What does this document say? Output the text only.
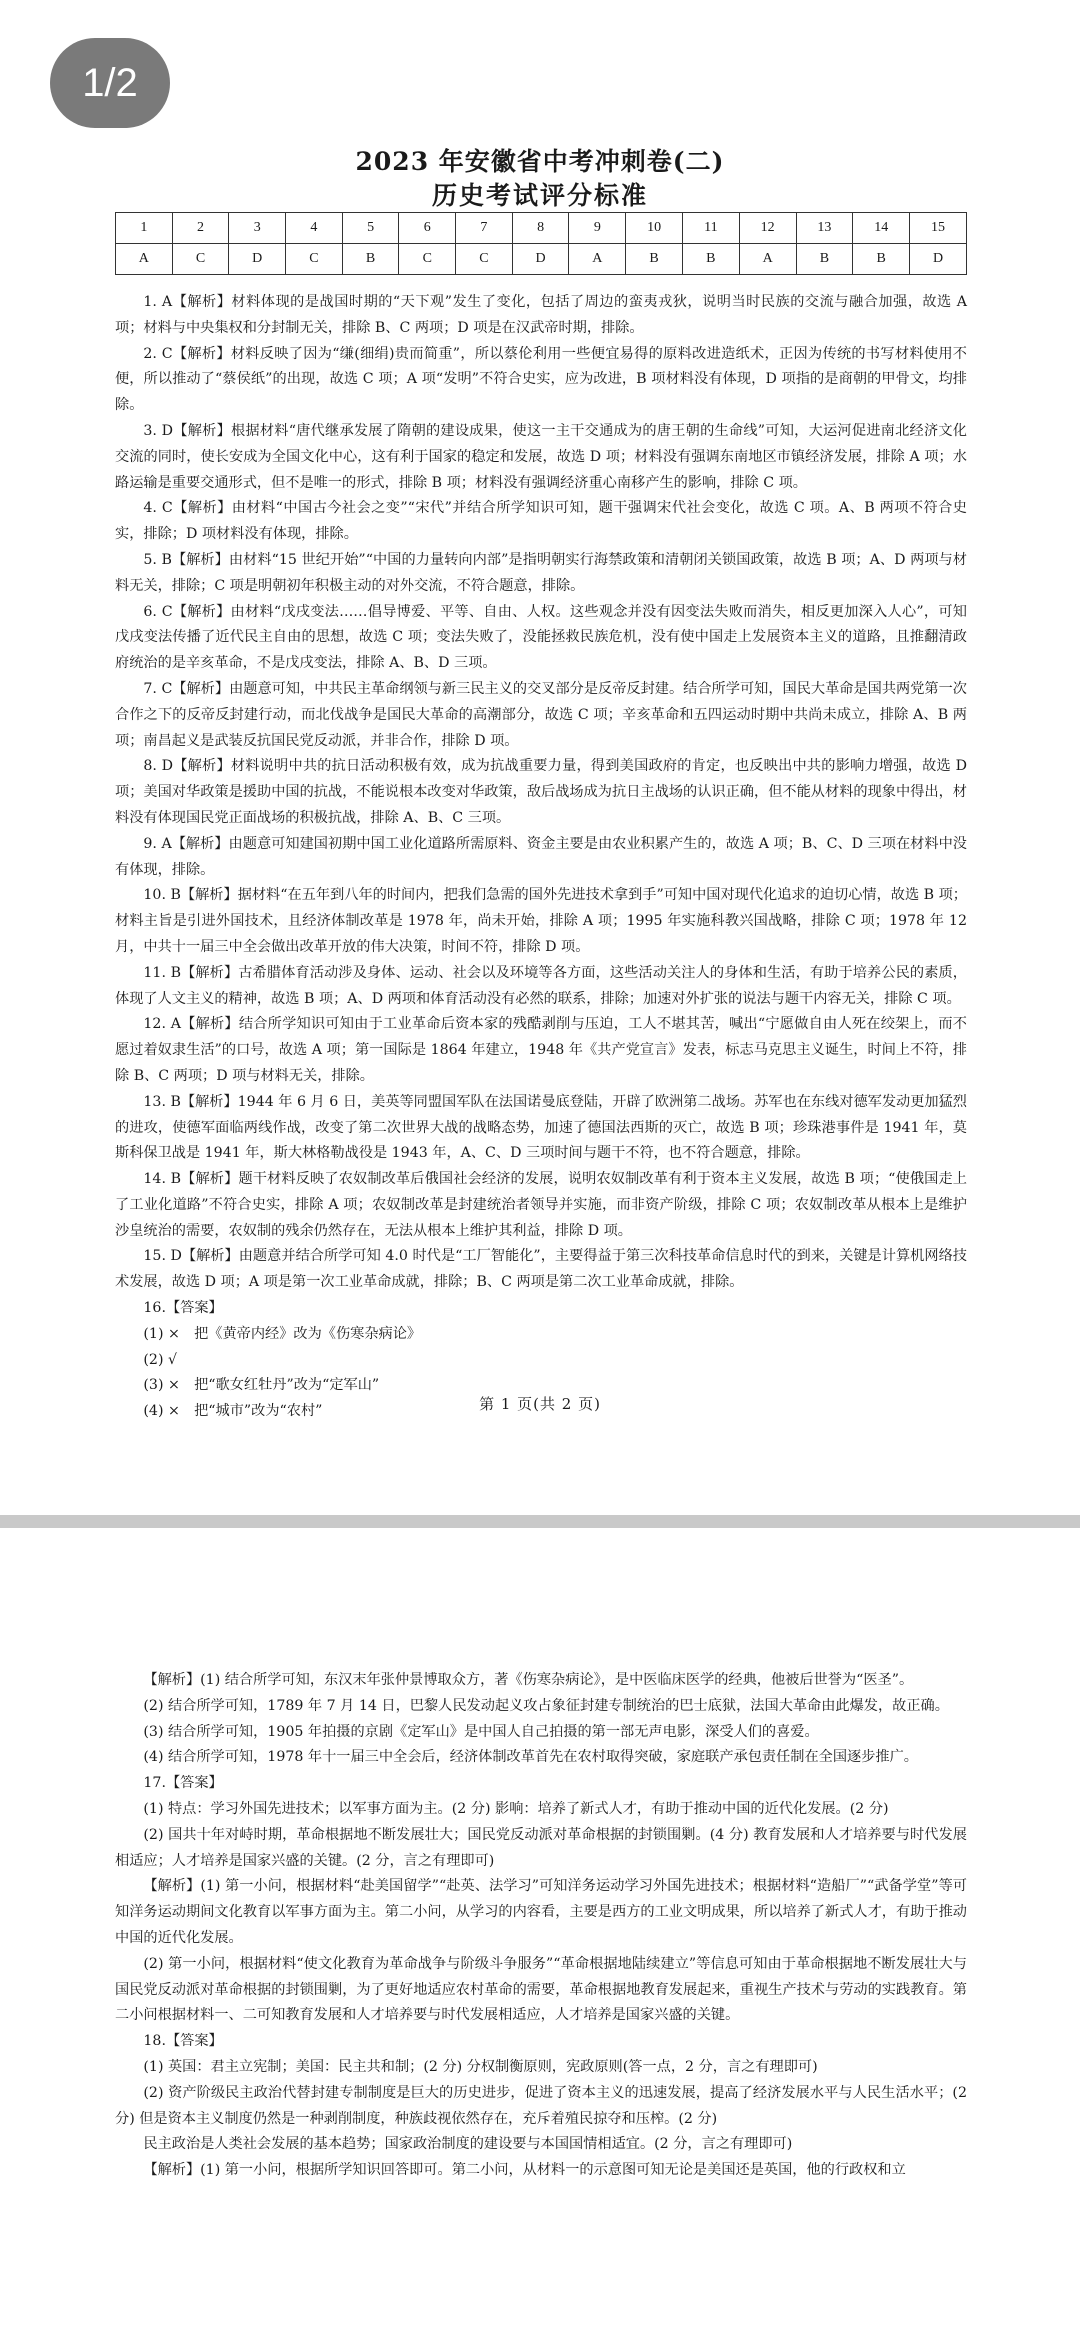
1/2
2023 年安徽省中考冲刺卷(二)
历史考试评分标准
1	2	3	4	5	6	7	8	9	10	11	12	13	14	15
A	C	D	C	B	C	C	D	A	B	B	A	B	B	D

1. A【解析】材料体现的是战国时期的“天下观”发生了变化，包括了周边的蛮夷戎狄，说明当时民族的交流与融合加强，故选 A 项；材料与中央集权和分封制无关，排除 B、C 两项；D 项是在汉武帝时期，排除。

2. C【解析】材料反映了因为“缣(细绢)贵而简重”，所以蔡伦利用一些便宜易得的原料改进造纸术，正因为传统的书写材料使用不便，所以推动了“蔡侯纸”的出现，故选 C 项；A 项“发明”不符合史实，应为改进，B 项材料没有体现，D 项指的是商朝的甲骨文，均排除。

3. D【解析】根据材料“唐代继承发展了隋朝的建设成果，使这一主干交通成为的唐王朝的生命线”可知，大运河促进南北经济文化交流的同时，使长安成为全国文化中心，这有利于国家的稳定和发展，故选 D 项；材料没有强调东南地区市镇经济发展，排除 A 项；水路运输是重要交通形式，但不是唯一的形式，排除 B 项；材料没有强调经济重心南移产生的影响，排除 C 项。

4. C【解析】由材料“中国古今社会之变”“宋代”并结合所学知识可知，题干强调宋代社会变化，故选 C 项。A、B 两项不符合史实，排除；D 项材料没有体现，排除。

5. B【解析】由材料“15 世纪开始”“中国的力量转向内部”是指明朝实行海禁政策和清朝闭关锁国政策，故选 B 项；A、D 两项与材料无关，排除；C 项是明朝初年积极主动的对外交流，不符合题意，排除。

6. C【解析】由材料“戊戌变法……倡导博爱、平等、自由、人权。这些观念并没有因变法失败而消失，相反更加深入人心”，可知戊戌变法传播了近代民主自由的思想，故选 C 项；变法失败了，没能拯救民族危机，没有使中国走上发展资本主义的道路，且推翻清政府统治的是辛亥革命，不是戊戌变法，排除 A、B、D 三项。

7. C【解析】由题意可知，中共民主革命纲领与新三民主义的交叉部分是反帝反封建。结合所学可知，国民大革命是国共两党第一次合作之下的反帝反封建行动，而北伐战争是国民大革命的高潮部分，故选 C 项；辛亥革命和五四运动时期中共尚未成立，排除 A、B 两项；南昌起义是武装反抗国民党反动派，并非合作，排除 D 项。

8. D【解析】材料说明中共的抗日活动积极有效，成为抗战重要力量，得到美国政府的肯定，也反映出中共的影响力增强，故选 D 项；美国对华政策是援助中国的抗战，不能说根本改变对华政策，敌后战场成为抗日主战场的认识正确，但不能从材料的现象中得出，材料没有体现国民党正面战场的积极抗战，排除 A、B、C 三项。

9. A【解析】由题意可知建国初期中国工业化道路所需原料、资金主要是由农业积累产生的，故选 A 项；B、C、D 三项在材料中没有体现，排除。

10. B【解析】据材料“在五年到八年的时间内，把我们急需的国外先进技术拿到手”可知中国对现代化追求的迫切心情，故选 B 项；材料主旨是引进外国技术，且经济体制改革是 1978 年，尚未开始，排除 A 项；1995 年实施科教兴国战略，排除 C 项；1978 年 12 月，中共十一届三中全会做出改革开放的伟大决策，时间不符，排除 D 项。

11. B【解析】古希腊体育活动涉及身体、运动、社会以及环境等各方面，这些活动关注人的身体和生活，有助于培养公民的素质，体现了人文主义的精神，故选 B 项；A、D 两项和体育活动没有必然的联系，排除；加速对外扩张的说法与题干内容无关，排除 C 项。

12. A【解析】结合所学知识可知由于工业革命后资本家的残酷剥削与压迫，工人不堪其苦，喊出“宁愿做自由人死在绞架上，而不愿过着奴隶生活”的口号，故选 A 项；第一国际是 1864 年建立，1948 年《共产党宣言》发表，标志马克思主义诞生，时间上不符，排除 B、C 两项；D 项与材料无关，排除。

13. B【解析】1944 年 6 月 6 日，美英等同盟国军队在法国诺曼底登陆，开辟了欧洲第二战场。苏军也在东线对德军发动更加猛烈的进攻，使德军面临两线作战，改变了第二次世界大战的战略态势，加速了德国法西斯的灭亡，故选 B 项；珍珠港事件是 1941 年，莫斯科保卫战是 1941 年，斯大林格勒战役是 1943 年，A、C、D 三项时间与题干不符，也不符合题意，排除。

14. B【解析】题干材料反映了农奴制改革后俄国社会经济的发展，说明农奴制改革有利于资本主义发展，故选 B 项；“使俄国走上了工业化道路”不符合史实，排除 A 项；农奴制改革是封建统治者领导并实施，而非资产阶级，排除 C 项；农奴制改革从根本上是维护沙皇统治的需要，农奴制的残余仍然存在，无法从根本上维护其利益，排除 D 项。

15. D【解析】由题意并结合所学可知 4.0 时代是“工厂智能化”，主要得益于第三次科技革命信息时代的到来，关键是计算机网络技术发展，故选 D 项；A 项是第一次工业革命成就，排除；B、C 两项是第二次工业革命成就，排除。

16.【答案】

(1) ×　把《黄帝内经》改为《伤寒杂病论》

(2) √

(3) ×　把“歌女红牡丹”改为“定军山”

(4) ×　把“城市”改为“农村”	第 1 页(共 2 页)

【解析】(1) 结合所学可知，东汉末年张仲景博取众方，著《伤寒杂病论》，是中医临床医学的经典，他被后世誉为“医圣”。

(2) 结合所学可知，1789 年 7 月 14 日，巴黎人民发动起义攻占象征封建专制统治的巴士底狱，法国大革命由此爆发，故正确。

(3) 结合所学可知，1905 年拍摄的京剧《定军山》是中国人自己拍摄的第一部无声电影，深受人们的喜爱。

(4) 结合所学可知，1978 年十一届三中全会后，经济体制改革首先在农村取得突破，家庭联产承包责任制在全国逐步推广。

17.【答案】

(1) 特点：学习外国先进技术；以军事方面为主。(2 分) 影响：培养了新式人才，有助于推动中国的近代化发展。(2 分)

(2) 国共十年对峙时期，革命根据地不断发展壮大；国民党反动派对革命根据的封锁围剿。(4 分) 教育发展和人才培养要与时代发展相适应；人才培养是国家兴盛的关键。(2 分，言之有理即可)

【解析】(1) 第一小问，根据材料“赴美国留学”“赴英、法学习”可知洋务运动学习外国先进技术；根据材料“造船厂”“武备学堂”等可知洋务运动期间文化教育以军事方面为主。第二小问，从学习的内容看，主要是西方的工业文明成果，所以培养了新式人才，有助于推动中国的近代化发展。

(2) 第一小问，根据材料“使文化教育为革命战争与阶级斗争服务”“革命根据地陆续建立”等信息可知由于革命根据地不断发展壮大与国民党反动派对革命根据的封锁围剿，为了更好地适应农村革命的需要，革命根据地教育发展起来，重视生产技术与劳动的实践教育。第二小问根据材料一、二可知教育发展和人才培养要与时代发展相适应，人才培养是国家兴盛的关键。

18.【答案】

(1) 英国：君主立宪制；美国：民主共和制；(2 分) 分权制衡原则，宪政原则(答一点，2 分，言之有理即可)

(2) 资产阶级民主政治代替封建专制制度是巨大的历史进步，促进了资本主义的迅速发展，提高了经济发展水平与人民生活水平；(2 分) 但是资本主义制度仍然是一种剥削制度，种族歧视依然存在，充斥着殖民掠夺和压榨。(2 分)

民主政治是人类社会发展的基本趋势；国家政治制度的建设要与本国国情相适宜。(2 分，言之有理即可)

【解析】(1) 第一小问，根据所学知识回答即可。第二小问，从材料一的示意图可知无论是美国还是英国，他的行政权和立
